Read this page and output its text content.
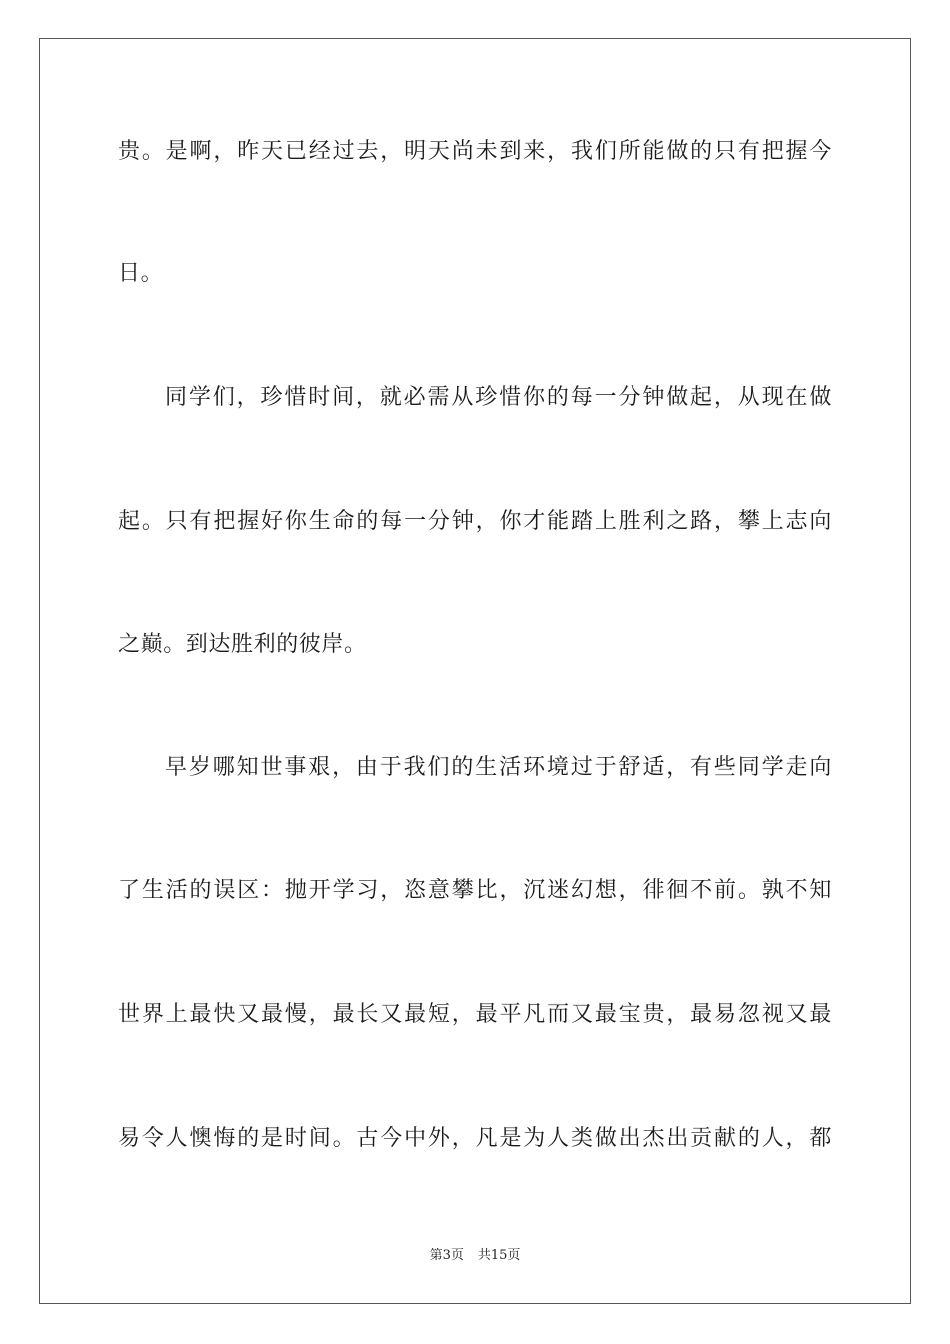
贵。是啊，昨天已经过去，明天尚未到来，我们所能做的只有把握今
日。
同学们，珍惜时间，就必需从珍惜你的每一分钟做起，从现在做
起。只有把握好你生命的每一分钟，你才能踏上胜利之路，攀上志向
之巅。到达胜利的彼岸。
早岁哪知世事艰，由于我们的生活环境过于舒适，有些同学走向
了生活的误区：抛开学习，恣意攀比，沉迷幻想，徘徊不前。孰不知
世界上最快又最慢，最长又最短，最平凡而又最宝贵，最易忽视又最
易令人懊悔的是时间。古今中外，凡是为人类做出杰出贡献的人，都
第3页 共15页
